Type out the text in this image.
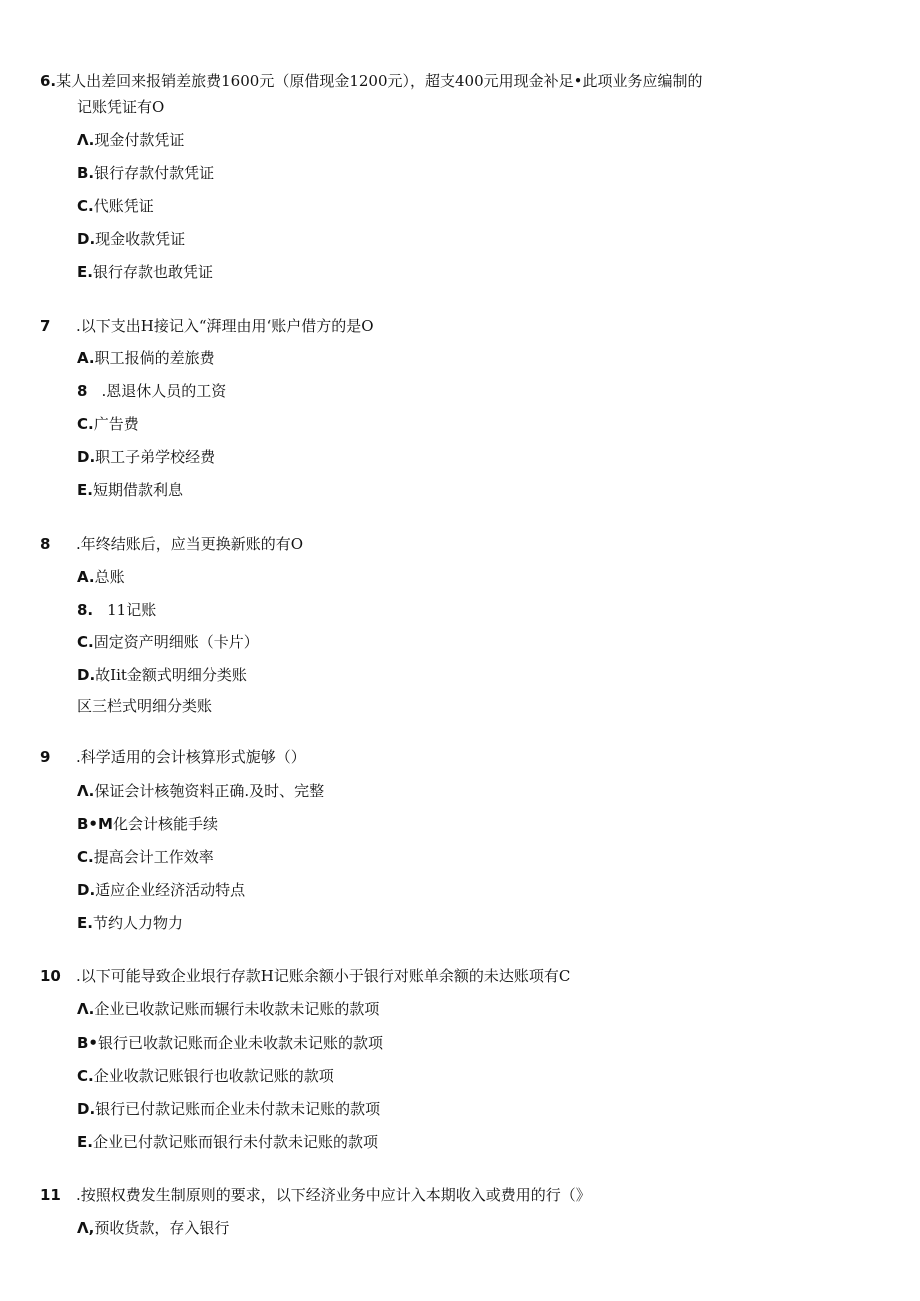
6.某人出差回来报销差旅费1600元（原借现金1200元），超支400元用现金补足•此项业务应编制的
记账凭证有O
Λ.现金付款凭证
B.银行存款付款凭证
C.代账凭证
D.现金收款凭证
E.银行存款也敢凭证
7 .以下支出H接记入“湃理由用‘账户借方的是O
A.职工报倘的差旅费
8 .恩退休人员的工资
C.广告费
D.职工子弟学校经费
E.短期借款利息
8 .年终结账后，应当更换新账的有O
A.总账
8. 11记账
C.固定资产明细账（卡片）
D.故Iit金额式明细分类账
区三栏式明细分类账
9 .科学适用的会计核算形式旎够（）
Λ.保证会计核匏资料正确.及时、完整
B•M化会计核能手续
C.提高会计工作效率
D.适应企业经济活动特点
E.节约人力物力
10 .以下可能导致企业垠行存款H记账余额小于银行对账单余额的未达账项有C
Λ.企业已收款记账而辗行未收款未记账的款项
B•银行已收款记账而企业未收款未记账的款项
C.企业收款记账银行也收款记账的款项
D.银行已付款记账而企业未付款未记账的款项
E.企业已付款记账而银行未付款未记账的款项
11 .按照权费发生制原则的要求，以下经济业务中应计入本期收入或费用的行（》
Λ,预收货款，存入银行
